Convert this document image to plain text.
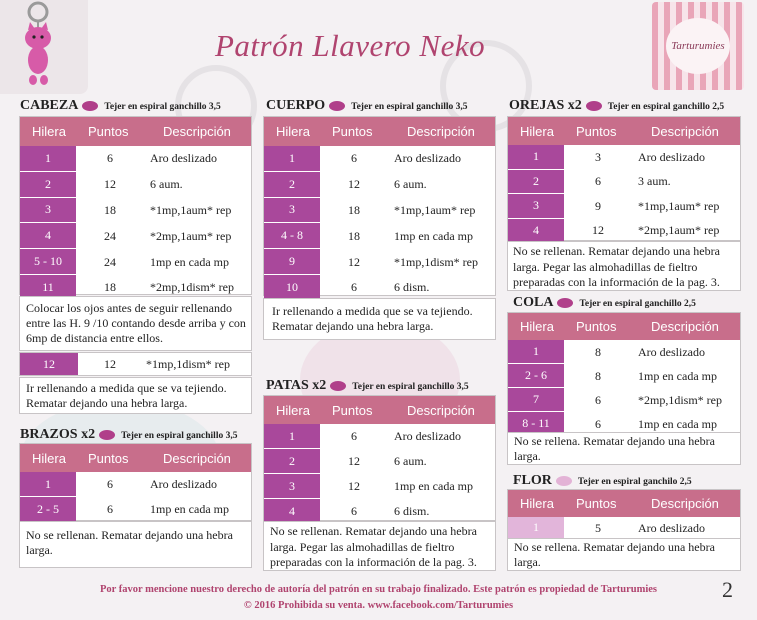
Tarturumies
Patrón Llavero Neko
CABEZA	Tejer en espiral ganchillo 3,5
Hilera Puntos	Descripción
1	6	Aro deslizado
2	12	6 aum.
3	18	*1mp,1aum* rep
4	24	*2mp,1aum* rep
5 - 10	24	1mp en cada mp
11	18	*2mp,1dism* rep
Colocar los ojos antes de seguir rellenando entre las H. 9 /10 contando desde arriba y con 6mp de distancia entre ellos.
12	12	*1mp,1dism* rep
Ir rellenando a medida que se va tejiendo. Rematar dejando una hebra larga.
BRAZOS x2	Tejer en espiral ganchillo 3,5
Hilera Puntos	Descripción
1	6	Aro deslizado
2 - 5	6	1mp en cada mp
No se rellenan. Rematar dejando una hebra larga.
CUERPO	Tejer en espiral ganchillo 3,5
Hilera Puntos	Descripción
1	6	Aro deslizado
2	12	6 aum.
3	18	*1mp,1aum* rep
4 - 8	18	1mp en cada mp
9	12	*1mp,1dism* rep
10	6	6 dism.
Ir rellenando a medida que se va tejiendo. Rematar dejando una hebra larga.
PATAS x2	Tejer en espiral ganchillo 3,5
Hilera Puntos	Descripción
1	6	Aro deslizado
2	12	6 aum.
3	12	1mp en cada mp
4	6	6 dism.
No se rellenan. Rematar dejando una hebra larga. Pegar las almohadillas de fieltro preparadas con la información de la pag. 3.
OREJAS x2	Tejer en espiral ganchillo 2,5
Hilera Puntos	Descripción
1	3	Aro deslizado
2	6	3 aum.
3	9	*1mp,1aum* rep
4	12	*2mp,1aum* rep
No se rellenan. Rematar dejando una hebra larga. Pegar las almohadillas de fieltro preparadas con la información de la pag. 3.
COLA	Tejer en espiral ganchillo 2,5
Hilera Puntos	Descripción
1	8	Aro deslizado
2 - 6	8	1mp en cada mp
7	6	*2mp,1dism* rep
8 - 11	6	1mp en cada mp
No se rellena. Rematar dejando una hebra larga.
FLOR	Tejer en espiral ganchilo 2,5
Hilera Puntos	Descripción
1	5	Aro deslizado
No se rellena. Rematar dejando una hebra larga.
Por favor mencione nuestro derecho de autoría del patrón en su trabajo finalizado. Este patrón es propiedad de Tarturumies
© 2016 Prohibida su venta. www.facebook.com/Tarturumies
2
